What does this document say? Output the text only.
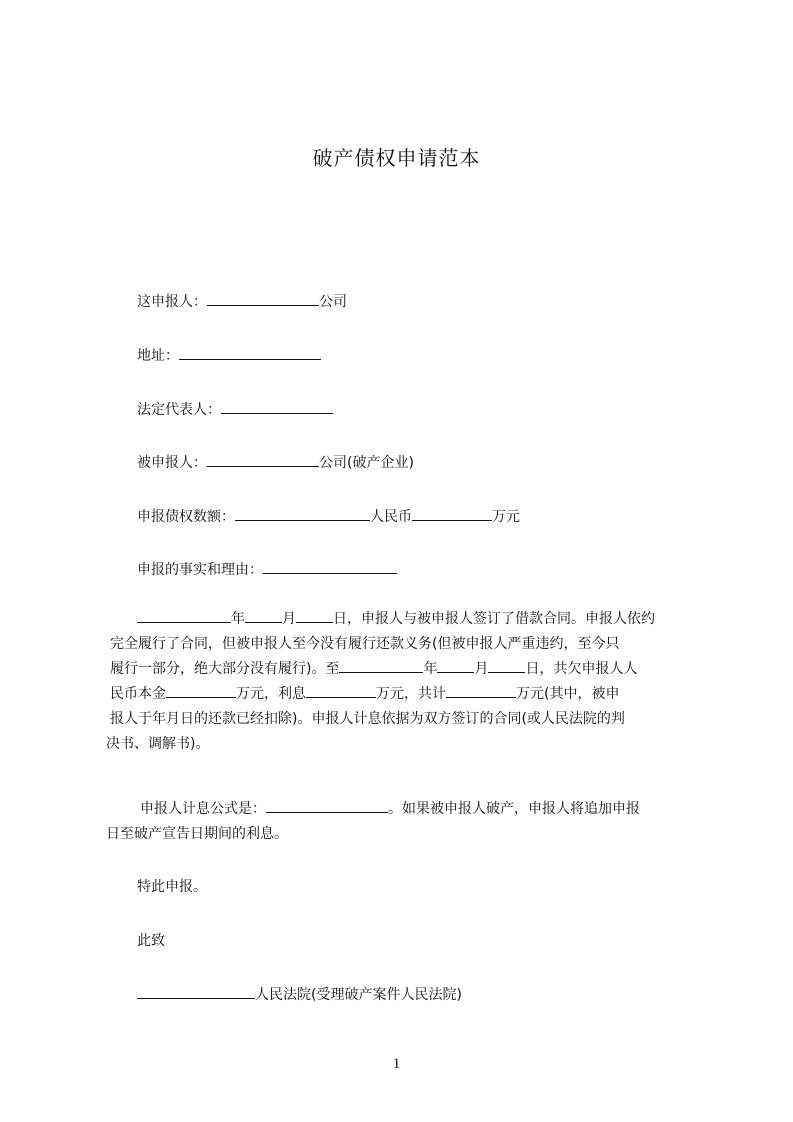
破产债权申请范本
这申报人：	公司
地址：
法定代表人：
被申报人：	公司(破产企业)
申报债权数额：	人民币	万元
申报的事实和理由：
年	月	日，申报人与被申报人签订了借款合同。申报人依约
完全履行了合同，但被申报人至今没有履行还款义务(但被申报人严重违约，至今只
履行一部分，绝大部分没有履行)。至	年	月	日，共欠申报人人
民币本金	万元，利息	万元，共计	万元(其中，被申
报人于年月日的还款已经扣除)。申报人计息依据为双方签订的合同(或人民法院的判
决书、调解书)。
申报人计息公式是：	。如果被申报人破产，申报人将追加申报
日至破产宣告日期间的利息。
特此申报。
此致
人民法院(受理破产案件人民法院)
1
